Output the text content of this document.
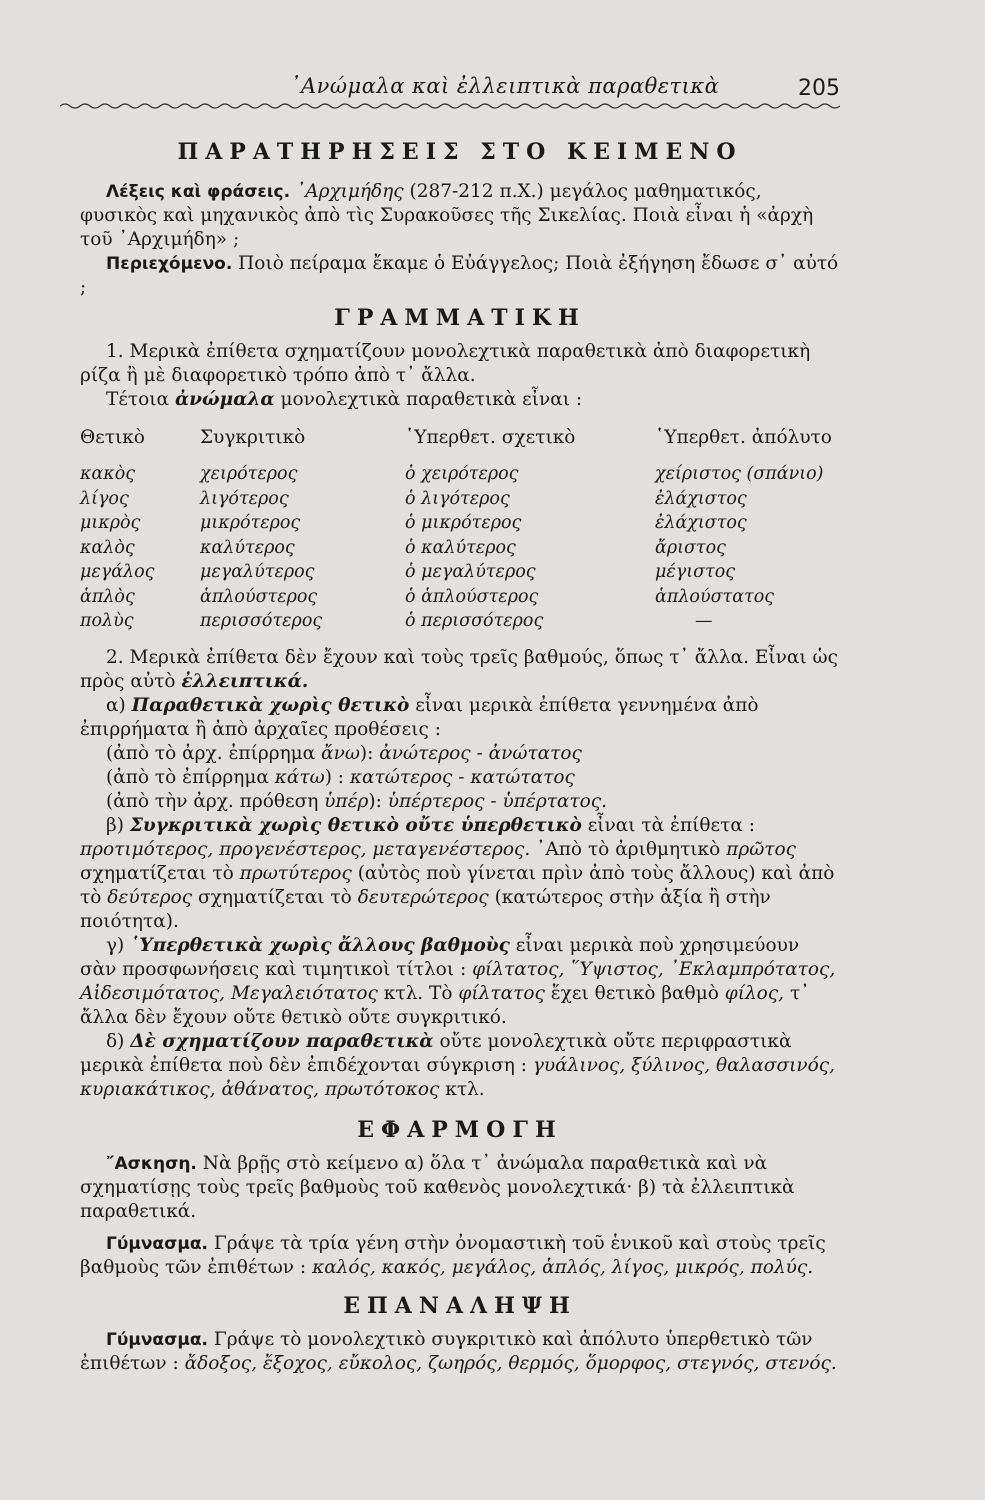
᾿Ανώμαλα καὶ ἐλλειπτικὰ παραθετικὰ	205
ΠΑΡΑΤΗΡΗΣΕΙΣ ΣΤΟ ΚΕΙΜΕΝΟ

Λέξεις καὶ φράσεις. ᾿Αρχιμήδης (287-212 π.Χ.) μεγάλος μαθηματικός, φυσικὸς καὶ μηχανικὸς ἀπὸ τὶς Συρακοῦσες τῆς Σικελίας. Ποιὰ εἶναι ἡ «ἀρχὴ τοῦ ᾿Αρχιμήδη» ;

Περιεχόμενο. Ποιὸ πείραμα ἔκαμε ὁ Εὐάγγελος; Ποιὰ ἐξήγηση ἔδωσε σ᾿ αὐτό ;

ΓΡΑΜΜΑΤΙΚΗ

1. Μερικὰ ἐπίθετα σχηματίζουν μονολεχτικὰ παραθετικὰ ἀπὸ διαφορετικὴ ρίζα ἢ μὲ διαφορετικὸ τρόπο ἀπὸ τ᾿ ἄλλα.

Τέτοια ἀνώμαλα μονολεχτικὰ παραθετικὰ εἶναι :

Θετικὸ	Συγκριτικὸ	῾Υπερθετ. σχετικὸ	῾Υπερθετ. ἀπόλυτο
κακὸς	χειρότερος	ὁ χειρότερος	χείριστος (σπάνιο)
λίγος	λιγότερος	ὁ λιγότερος	ἐλάχιστος
μικρὸς	μικρότερος	ὁ μικρότερος	ἐλάχιστος
καλὸς	καλύτερος	ὁ καλύτερος	ἄριστος
μεγάλος	μεγαλύτερος	ὁ μεγαλύτερος	μέγιστος
ἁπλὸς	ἁπλούστερος	ὁ ἁπλούστερος	ἁπλούστατος
πολὺς	περισσότερος	ὁ περισσότερος	—

2. Μερικὰ ἐπίθετα δὲν ἔχουν καὶ τοὺς τρεῖς βαθμούς, ὅπως τ᾿ ἄλλα. Εἶναι ὡς πρὸς αὐτὸ ἐλλειπτικά.

α) Παραθετικὰ χωρὶς θετικὸ εἶναι μερικὰ ἐπίθετα γεννημένα ἀπὸ ἐπιρρήματα ἢ ἀπὸ ἀρχαῖες προθέσεις :

(ἀπὸ τὸ ἀρχ. ἐπίρρημα ἄνω): ἀνώτερος - ἀνώτατος

(ἀπὸ τὸ ἐπίρρημα κάτω) : κατώτερος - κατώτατος

(ἀπὸ τὴν ἀρχ. πρόθεση ὑπέρ): ὑπέρτερος - ὑπέρτατος.

β) Συγκριτικὰ χωρὶς θετικὸ οὔτε ὑπερθετικὸ εἶναι τὰ ἐπίθετα : προτιμότερος, προγενέστερος, μεταγενέστερος. ᾿Απὸ τὸ ἀριθμητικὸ πρῶτος σχηματίζεται τὸ πρωτύτερος (αὐτὸς ποὺ γίνεται πρὶν ἀπὸ τοὺς ἄλλους) καὶ ἀπὸ τὸ δεύτερος σχηματίζεται τὸ δευτερώτερος (κατώτερος στὴν ἀξία ἢ στὴν ποιότητα).

γ) ῾Υπερθετικὰ χωρὶς ἄλλους βαθμοὺς εἶναι μερικὰ ποὺ χρησιμεύουν σὰν προσφωνήσεις καὶ τιμητικοὶ τίτλοι : φίλτατος, ῞Υψιστος, ᾿Εκλαμπρότατος, Αἰδεσιμότατος, Μεγαλειότατος κτλ. Τὸ φίλτατος ἔχει θετικὸ βαθμὸ φίλος, τ᾿ ἄλλα δὲν ἔχουν οὔτε θετικὸ οὔτε συγκριτικό.

δ) Δὲ σχηματίζουν παραθετικὰ οὔτε μονολεχτικὰ οὔτε περιφραστικὰ μερικὰ ἐπίθετα ποὺ δὲν ἐπιδέχονται σύγκριση : γυάλινος, ξύλινος, θαλασσινός, κυριακάτικος, ἀθάνατος, πρωτότοκος κτλ.

ΕΦΑΡΜΟΓΗ

῎Ασκηση. Νὰ βρῇς στὸ κείμενο α) ὅλα τ᾿ ἀνώμαλα παραθετικὰ καὶ νὰ σχηματίσῃς τοὺς τρεῖς βαθμοὺς τοῦ καθενὸς μονολεχτικά· β) τὰ ἐλλειπτικὰ παραθετικά.

Γύμνασμα. Γράψε τὰ τρία γένη στὴν ὀνομαστικὴ τοῦ ἑνικοῦ καὶ στοὺς τρεῖς βαθμοὺς τῶν ἐπιθέτων : καλός, κακός, μεγάλος, ἁπλός, λίγος, μικρός, πολύς.

ΕΠΑΝΑΛΗΨΗ

Γύμνασμα. Γράψε τὸ μονολεχτικὸ συγκριτικὸ καὶ ἀπόλυτο ὑπερθετικὸ τῶν ἐπιθέτων : ἄδοξος, ἔξοχος, εὔκολος, ζωηρός, θερμός, ὅμορφος, στεγνός, στενός.
